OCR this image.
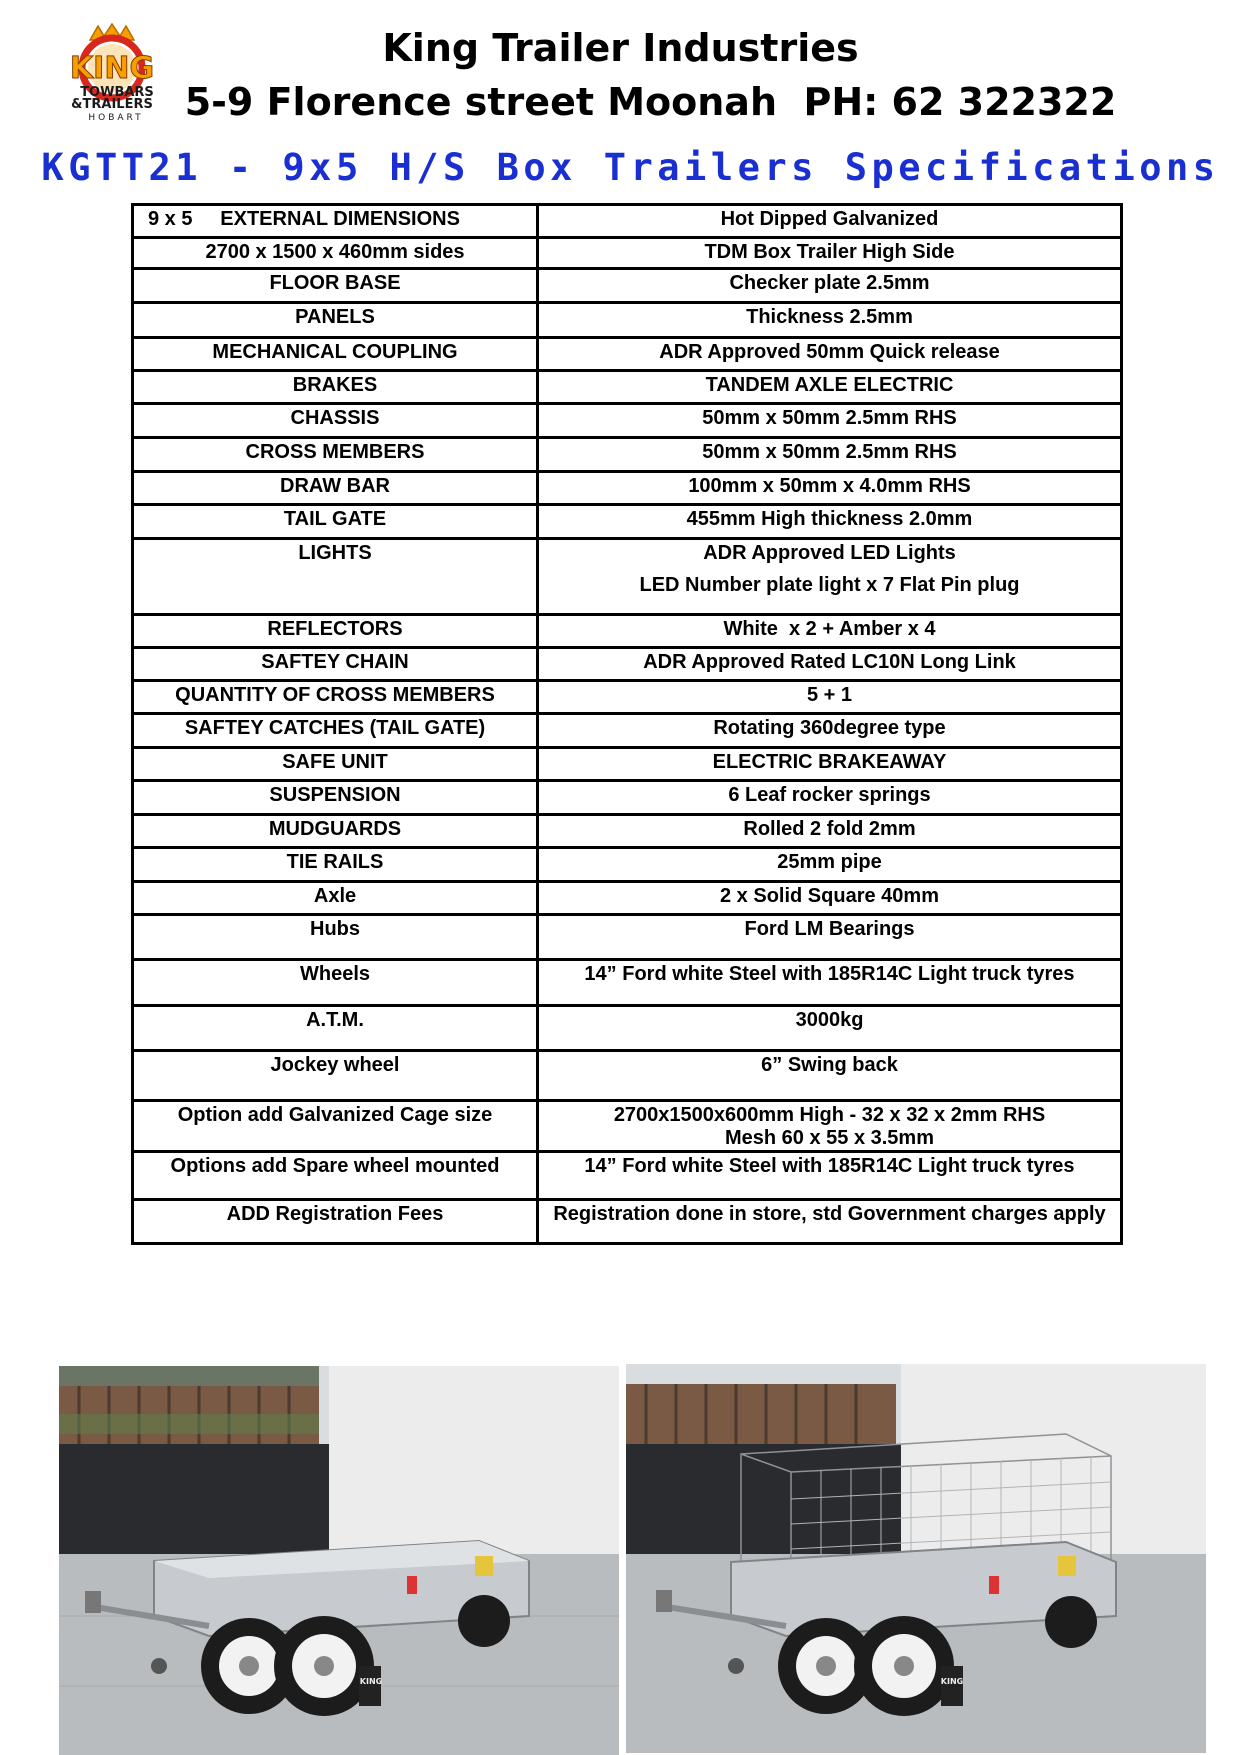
KING
TOWBARS
&TRAILERS
HOBART
King Trailer Industries
5-9 Florence street Moonah  PH: 62 322322
KGTT21 - 9x5 H/S Box Trailers Specifications
9 x 5     EXTERNAL DIMENSIONS	Hot Dipped Galvanized

2700 x 1500 x 460mm sides	TDM Box Trailer High Side

FLOOR BASE	Checker plate 2.5mm

PANELS	Thickness 2.5mm

MECHANICAL COUPLING	ADR Approved 50mm Quick release

BRAKES	TANDEM AXLE ELECTRIC

CHASSIS	50mm x 50mm 2.5mm RHS

CROSS MEMBERS	50mm x 50mm 2.5mm RHS

DRAW BAR	100mm x 50mm x 4.0mm RHS

TAIL GATE	455mm High thickness 2.0mm

LIGHTS	ADR Approved LED Lights
LED Number plate light x 7 Flat Pin plug

REFLECTORS	White  x 2 + Amber x 4

SAFTEY CHAIN	ADR Approved Rated LC10N Long Link

QUANTITY OF CROSS MEMBERS	5 + 1

SAFTEY CATCHES (TAIL GATE)	Rotating 360degree type

SAFE UNIT	ELECTRIC BRAKEAWAY

SUSPENSION	6 Leaf rocker springs

MUDGUARDS	Rolled 2 fold 2mm

TIE RAILS	25mm pipe

Axle	2 x Solid Square 40mm

Hubs	Ford LM Bearings

Wheels	14” Ford white Steel with 185R14C Light truck tyres

A.T.M.	3000kg

Jockey wheel	6” Swing back

Option add Galvanized Cage size	2700x1500x600mm High - 32 x 32 x 2mm RHS
Mesh 60 x 55 x 3.5mm

Options add Spare wheel mounted	14” Ford white Steel with 185R14C Light truck tyres

ADD Registration Fees	Registration done in store, std Government charges apply
KING	KING
